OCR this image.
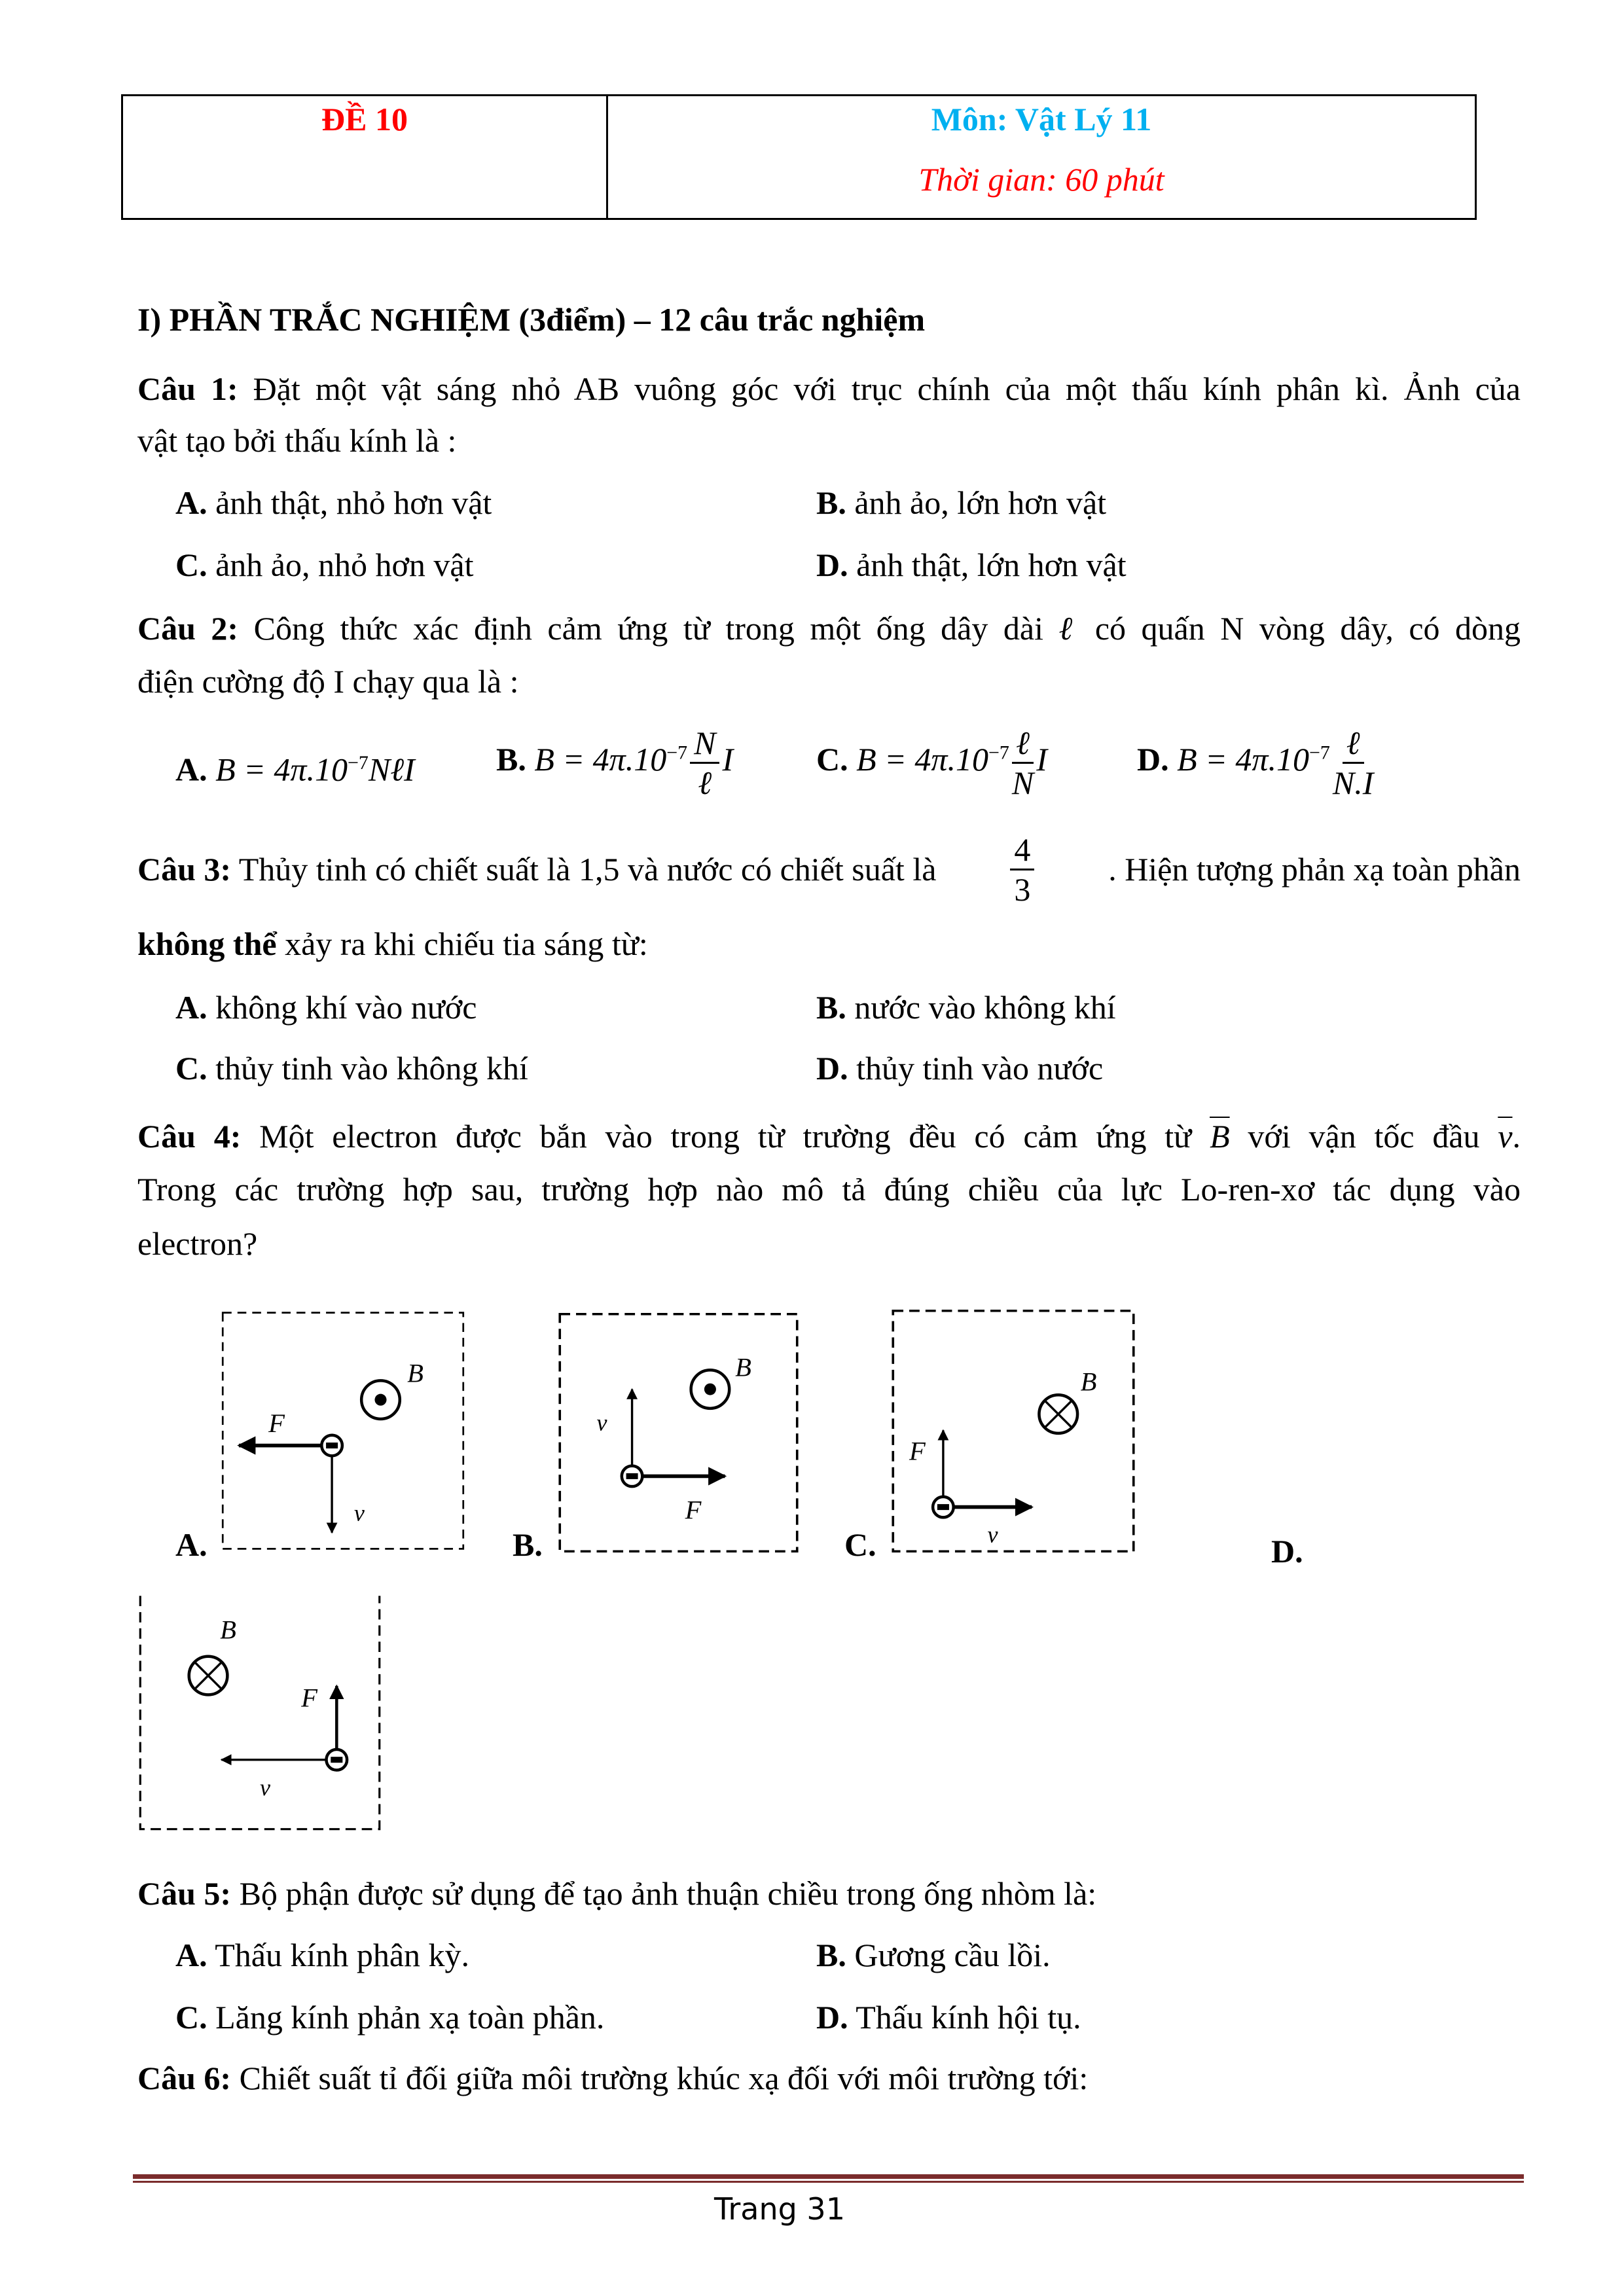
ĐỀ 10	Môn: Vật Lý 11
Thời gian: 60 phút
I) PHẦN TRẮC NGHIỆM (3điểm) – 12 câu trắc nghiệm
Câu 1: Đặt một vật sáng nhỏ AB vuông góc với trục chính của một thấu kính phân kì. Ảnh của
vật tạo bởi thấu kính là :
A. ảnh thật, nhỏ hơn vật	B. ảnh ảo, lớn hơn vật
C. ảnh ảo, nhỏ hơn vật	D. ảnh thật, lớn hơn vật
Câu 2: Công thức xác định cảm ứng từ trong một ống dây dài ℓ có quấn N vòng dây, có dòng
điện cường độ I chạy qua là :
A. $B = 4\pi.10^{-7}N\ell I$ B. $B = 4\pi.10^{-7} \frac{N}{\text{ℓ}}$ I	C. $B = 4\pi.10^{-7} \frac{\text{ℓ}}{N}$ I	D. $B = 4\pi.10^{-7} \frac{\text{ℓ}}{N.I}$
Câu 3: Thủy tinh có chiết suất là 1,5 và nước có chiết suất là $\frac{4}{3}$ . Hiện tượng phản xạ toàn phần
không thể xảy ra khi chiếu tia sáng từ:
A. không khí vào nước	B. nước vào không khí
C. thủy tinh vào không khí	D. thủy tinh vào nước
Câu 4: Một electron được bắn vào trong từ trường đều có cảm ứng từ $\overline{B}$ với vận tốc đầu $\overline{v}$.
Trong các trường hợp sau, trường hợp nào mô tả đúng chiều của lực Lo-ren-xơ tác dụng vào
electron?
A.
B
F
v
B.
B
v
F
C.
B
F
v	D.
B
F
v
Câu 5: Bộ phận được sử dụng để tạo ảnh thuận chiều trong ống nhòm là:
A. Thấu kính phân kỳ.	B. Gương cầu lồi.
C. Lăng kính phản xạ toàn phần.	D. Thấu kính hội tụ.
Câu 6: Chiết suất tỉ đối giữa môi trường khúc xạ đối với môi trường tới:
Trang 31
